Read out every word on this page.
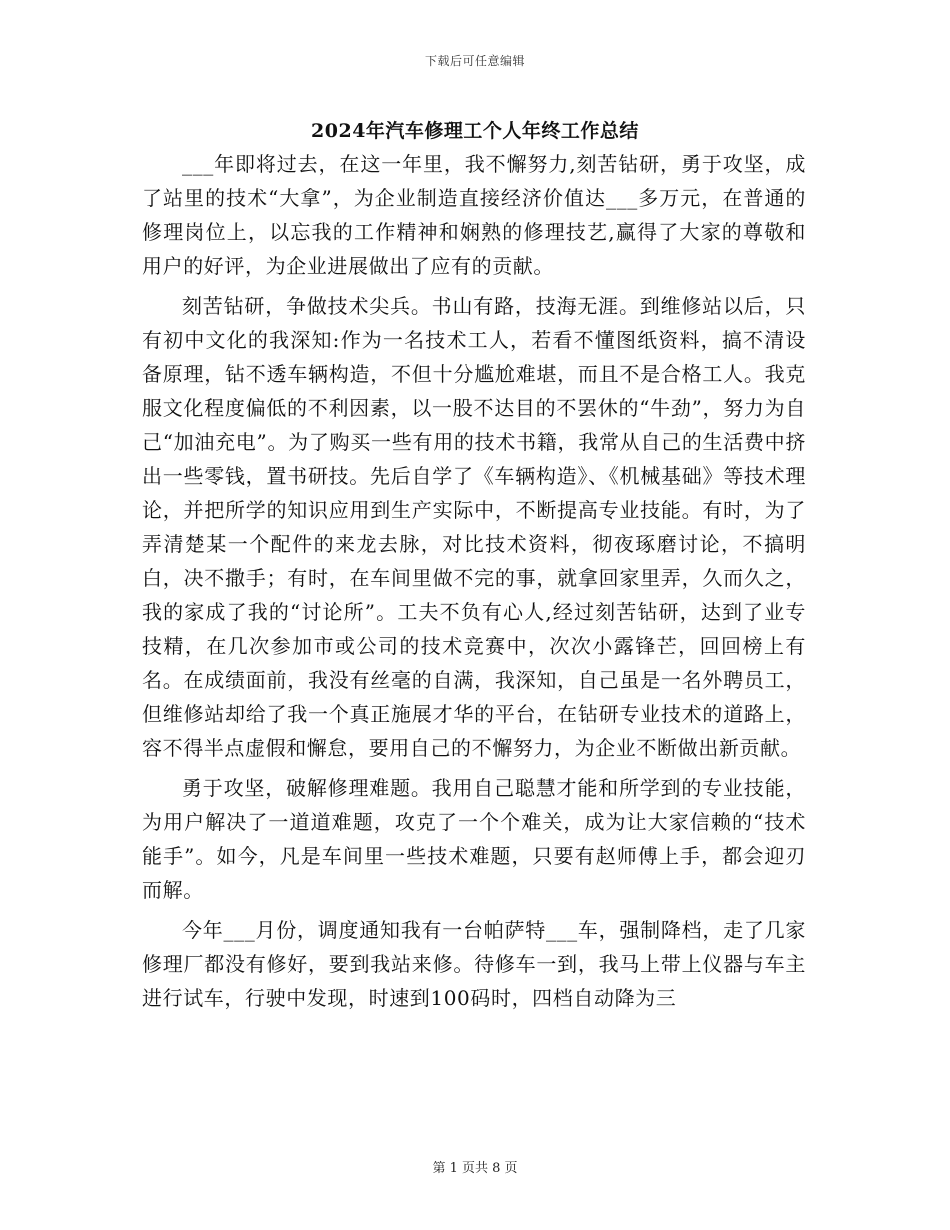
下载后可任意编辑
2024年汽车修理工个人年终工作总结

___年即将过去，在这一年里，我不懈努力,刻苦钻研，勇于攻坚，成了站里的技术“大拿”，为企业制造直接经济价值达___多万元，在普通的修理岗位上，以忘我的工作精神和娴熟的修理技艺,赢得了大家的尊敬和用户的好评，为企业进展做出了应有的贡献。

刻苦钻研，争做技术尖兵。书山有路，技海无涯。到维修站以后，只有初中文化的我深知:作为一名技术工人，若看不懂图纸资料，搞不清设备原理，钻不透车辆构造，不但十分尴尬难堪，而且不是合格工人。我克服文化程度偏低的不利因素，以一股不达目的不罢休的“牛劲”，努力为自己“加油充电”。为了购买一些有用的技术书籍，我常从自己的生活费中挤出一些零钱，置书研技。先后自学了《车辆构造》、《机械基础》等技术理论，并把所学的知识应用到生产实际中，不断提高专业技能。有时，为了弄清楚某一个配件的来龙去脉，对比技术资料，彻夜琢磨讨论，不搞明白，决不撒手；有时，在车间里做不完的事，就拿回家里弄，久而久之，我的家成了我的“讨论所”。工夫不负有心人,经过刻苦钻研，达到了业专技精，在几次参加市或公司的技术竞赛中，次次小露锋芒，回回榜上有名。在成绩面前，我没有丝毫的自满，我深知，自己虽是一名外聘员工，但维修站却给了我一个真正施展才华的平台，在钻研专业技术的道路上，容不得半点虚假和懈怠，要用自己的不懈努力，为企业不断做出新贡献。

勇于攻坚，破解修理难题。我用自己聪慧才能和所学到的专业技能，为用户解决了一道道难题，攻克了一个个难关，成为让大家信赖的“技术能手”。如今，凡是车间里一些技术难题，只要有赵师傅上手，都会迎刃而解。

今年___月份，调度通知我有一台帕萨特___车，强制降档，走了几家修理厂都没有修好，要到我站来修。待修车一到，我马上带上仪器与车主进行试车，行驶中发现，时速到100码时，四档自动降为三

第 1 页共 8 页
